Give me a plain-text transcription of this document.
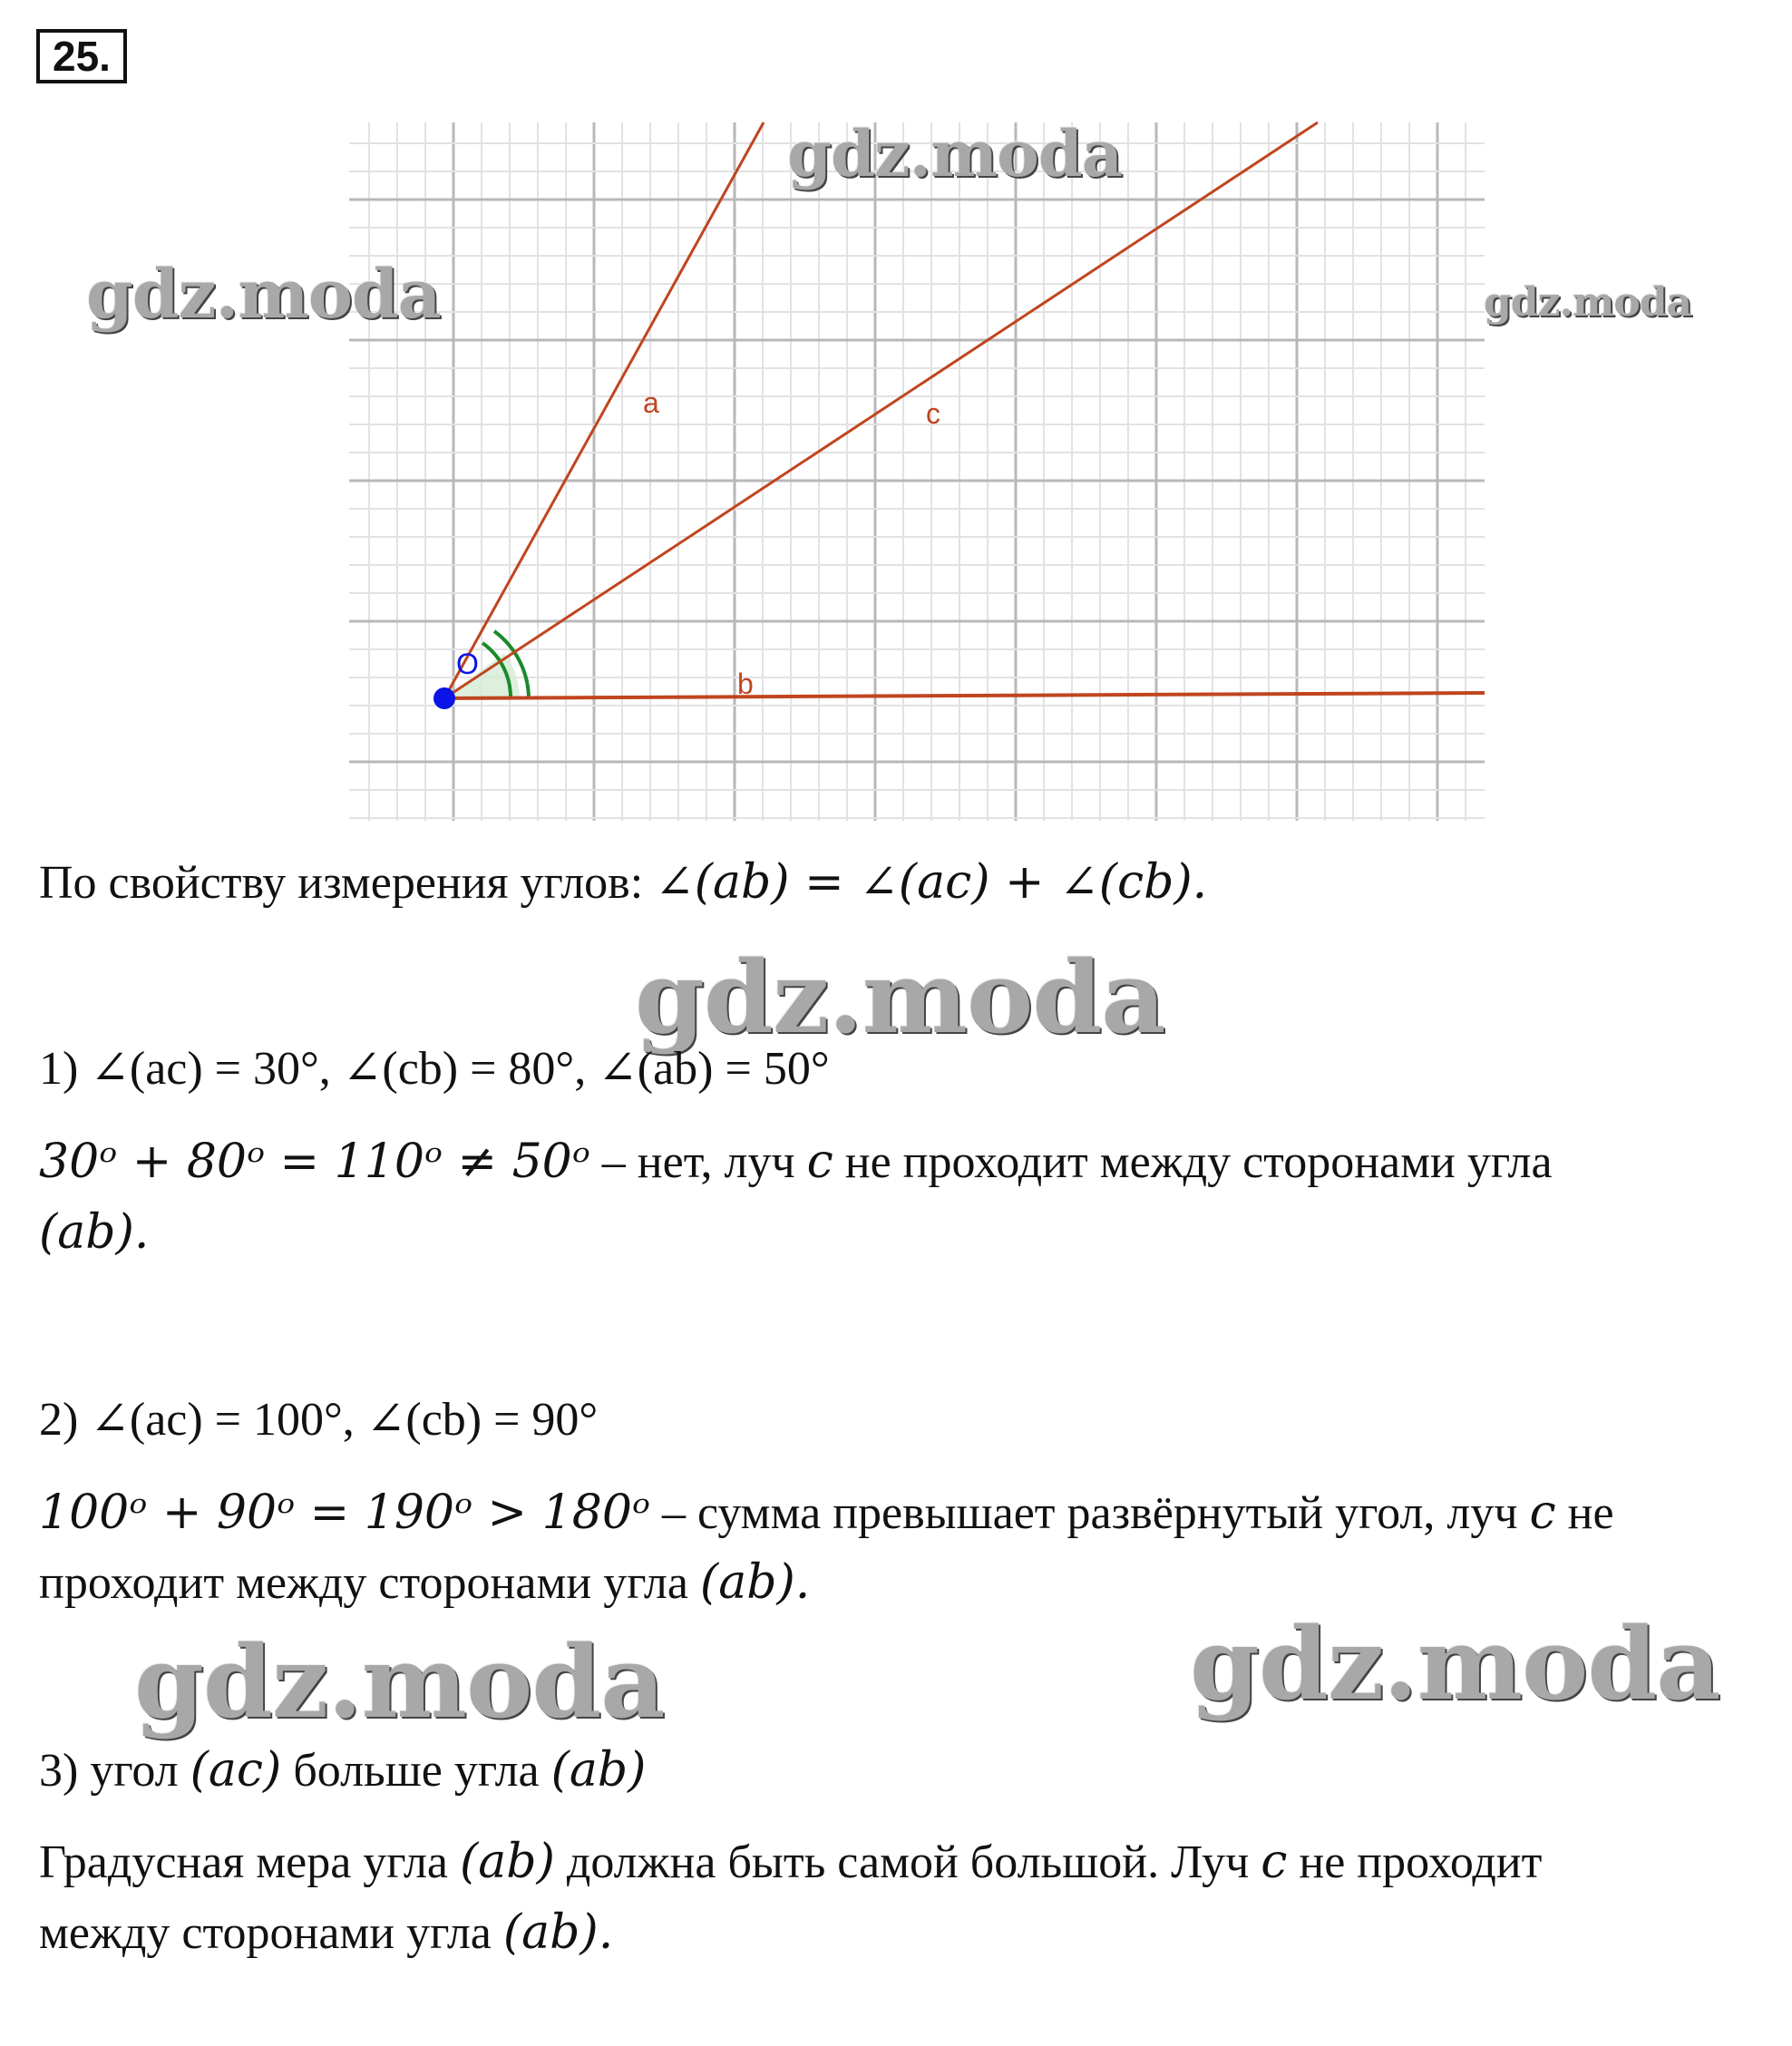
25.
O
a	c
b
gdz.moda
gdz.moda	gdz.moda
gdz.moda
gdz.moda	gdz.moda
По свойству измерения углов: ∠(ab) = ∠(ac) + ∠(cb).
1) ∠(ac) = 30°, ∠(cb) = 80°, ∠(ab) = 50°
30ᵒ + 80ᵒ = 110ᵒ ≠ 50ᵒ – нет, луч c не проходит между сторонами угла
(ab).
2) ∠(ac) = 100°, ∠(cb) = 90°
100ᵒ + 90ᵒ = 190ᵒ > 180ᵒ – сумма превышает развёрнутый угол, луч c не
проходит между сторонами угла (ab).
3) угол (ac) больше угла (ab)
Градусная мера угла (ab) должна быть самой большой. Луч c не проходит
между сторонами угла (ab).
